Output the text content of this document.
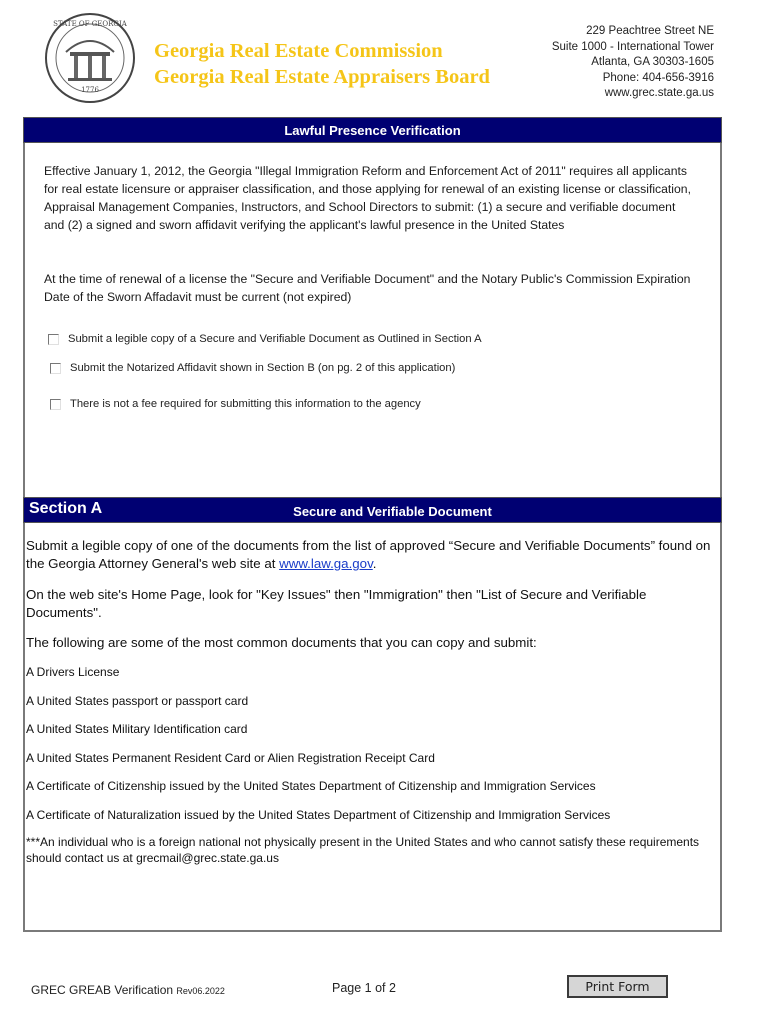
1776
STATE OF GEORGIA
Georgia Real Estate Commission
Georgia Real Estate Appraisers Board
229 Peachtree Street NE
Suite 1000 - International Tower
Atlanta, GA 30303-1605
Phone: 404-656-3916
www.grec.state.ga.us
Lawful Presence Verification
Effective January 1, 2012, the Georgia "Illegal Immigration Reform and Enforcement Act of 2011" requires all applicants for real estate licensure or appraiser classification, and those applying for renewal of an existing license or classification, Appraisal Management Companies, Instructors, and School Directors to submit: (1) a secure and verifiable document and (2) a signed and sworn affidavit verifying the applicant's lawful presence in the United States
At the time of renewal of a license the "Secure and Verifiable Document" and the Notary Public's Commission Expiration Date of the Sworn Affadavit must be current (not expired)
Submit a legible copy of a Secure and Verifiable Document as Outlined in Section A
Submit the Notarized Affidavit shown in Section B (on pg. 2 of this application)
There is not a fee required for submitting this information to the agency
Section A	Secure and Verifiable Document
Submit a legible copy of one of the documents from the list of approved “Secure and Verifiable Documents” found on the Georgia Attorney General's web site at www.law.ga.gov.
On the web site's Home Page, look for "Key Issues" then "Immigration" then "List of Secure and Verifiable Documents".
The following are some of the most common documents that you can copy and submit:
A Drivers License
A United States passport or passport card
A United States Military Identification card
A United States Permanent Resident Card or Alien Registration Receipt Card
A Certificate of Citizenship issued by the United States Department of Citizenship and Immigration Services
A Certificate of Naturalization issued by the United States Department of Citizenship and Immigration Services
***An individual who is a foreign national not physically present in the United States and who cannot satisfy these requirements should contact us at grecmail@grec.state.ga.us
GREC GREAB Verification Rev06.2022	Page 1 of 2	Print Form
